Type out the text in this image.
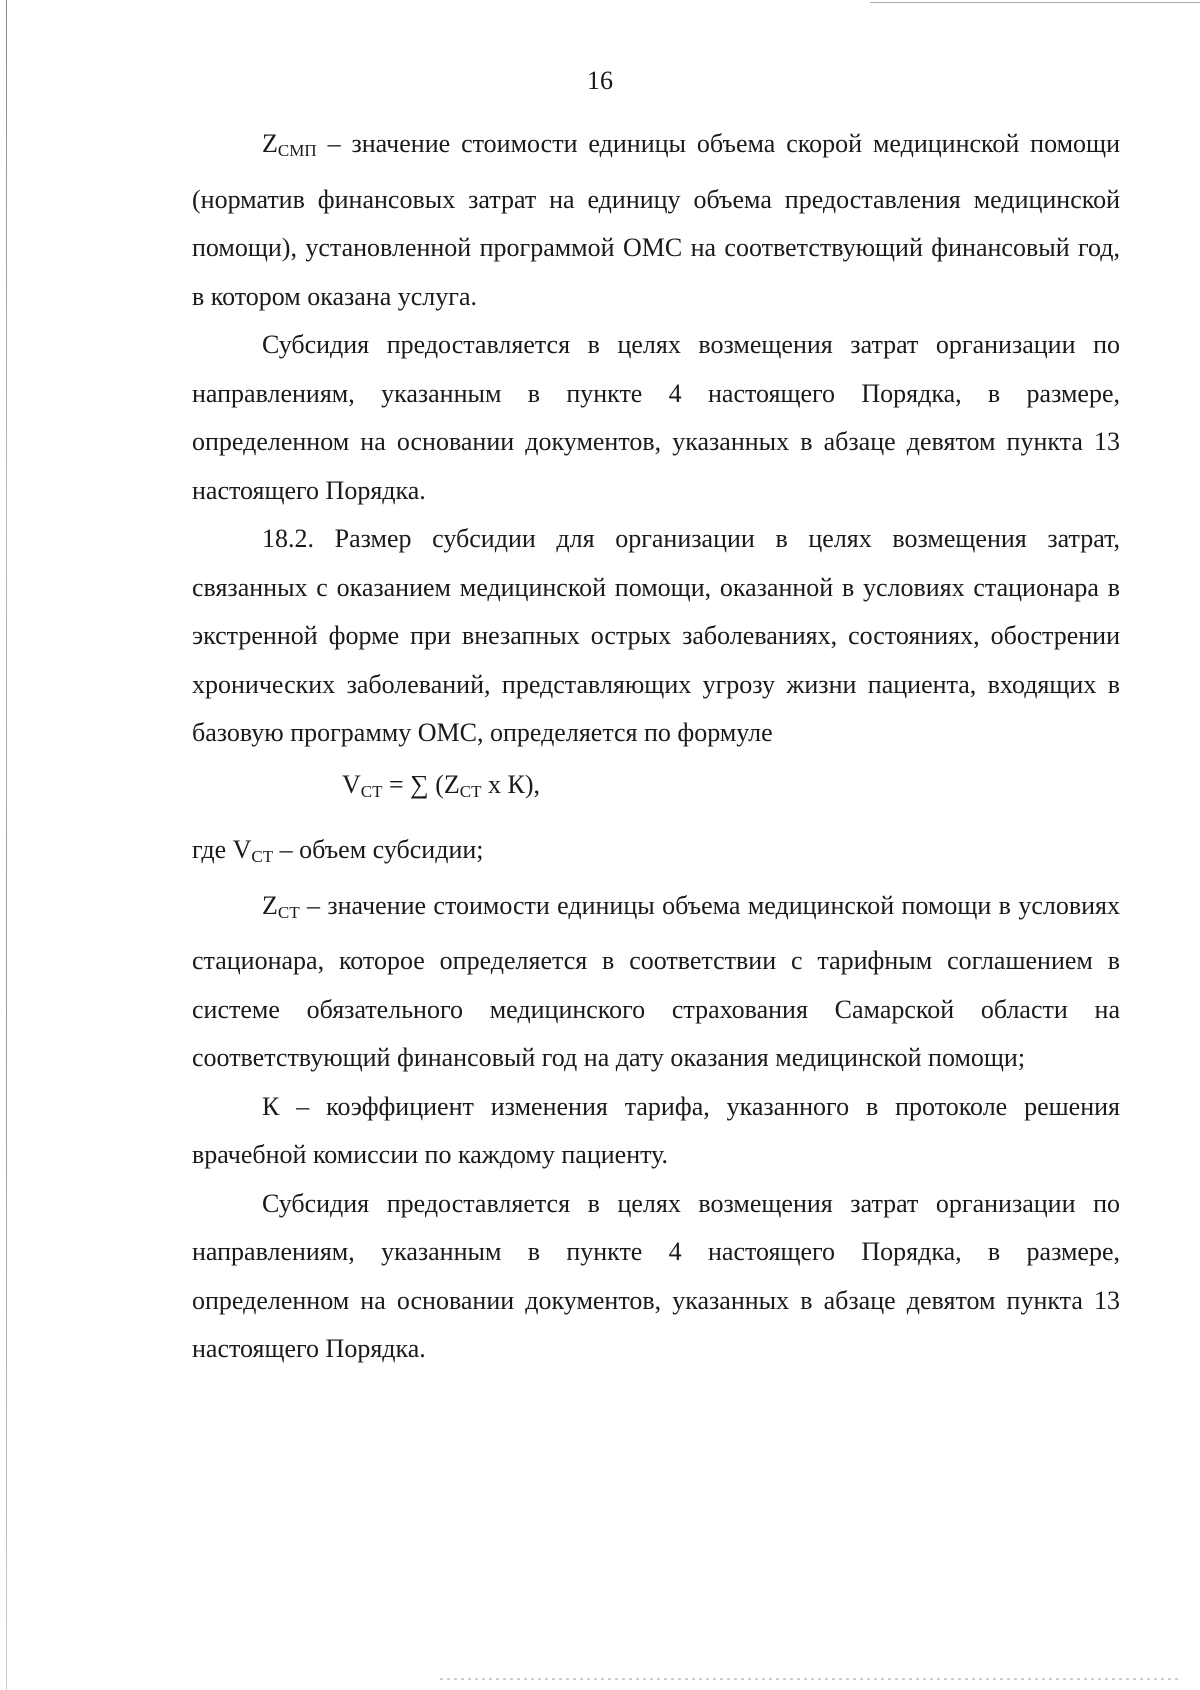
16

$Z_{СМП}$ – значение стоимости единицы объема скорой медицинской помощи (норматив финансовых затрат на единицу объема предоставления медицинской помощи), установленной программой ОМС на соответствующий финансовый год, в котором оказана услуга.

Субсидия предоставляется в целях возмещения затрат организации по направлениям, указанным в пункте 4 настоящего Порядка, в размере, определенном на основании документов, указанных в абзаце девятом пункта 13 настоящего Порядка.

18.2. Размер субсидии для организации в целях возмещения затрат, связанных с оказанием медицинской помощи, оказанной в условиях стационара в экстренной форме при внезапных острых заболеваниях, состояниях, обострении хронических заболеваний, представляющих угрозу жизни пациента, входящих в базовую программу ОМС, определяется по формуле

$V_{СТ}$ = ∑ ($Z_{СТ}$ х К),

где $V_{СТ}$ – объем субсидии;

$Z_{СТ}$ – значение стоимости единицы объема медицинской помощи в условиях стационара, которое определяется в соответствии с тарифным соглашением в системе обязательного медицинского страхования Самарской области на соответствующий финансовый год на дату оказания медицинской помощи;

К – коэффициент изменения тарифа, указанного в протоколе решения врачебной комиссии по каждому пациенту.

Субсидия предоставляется в целях возмещения затрат организации по направлениям, указанным в пункте 4 настоящего Порядка, в размере, определенном на основании документов, указанных в абзаце девятом пункта 13 настоящего Порядка.
